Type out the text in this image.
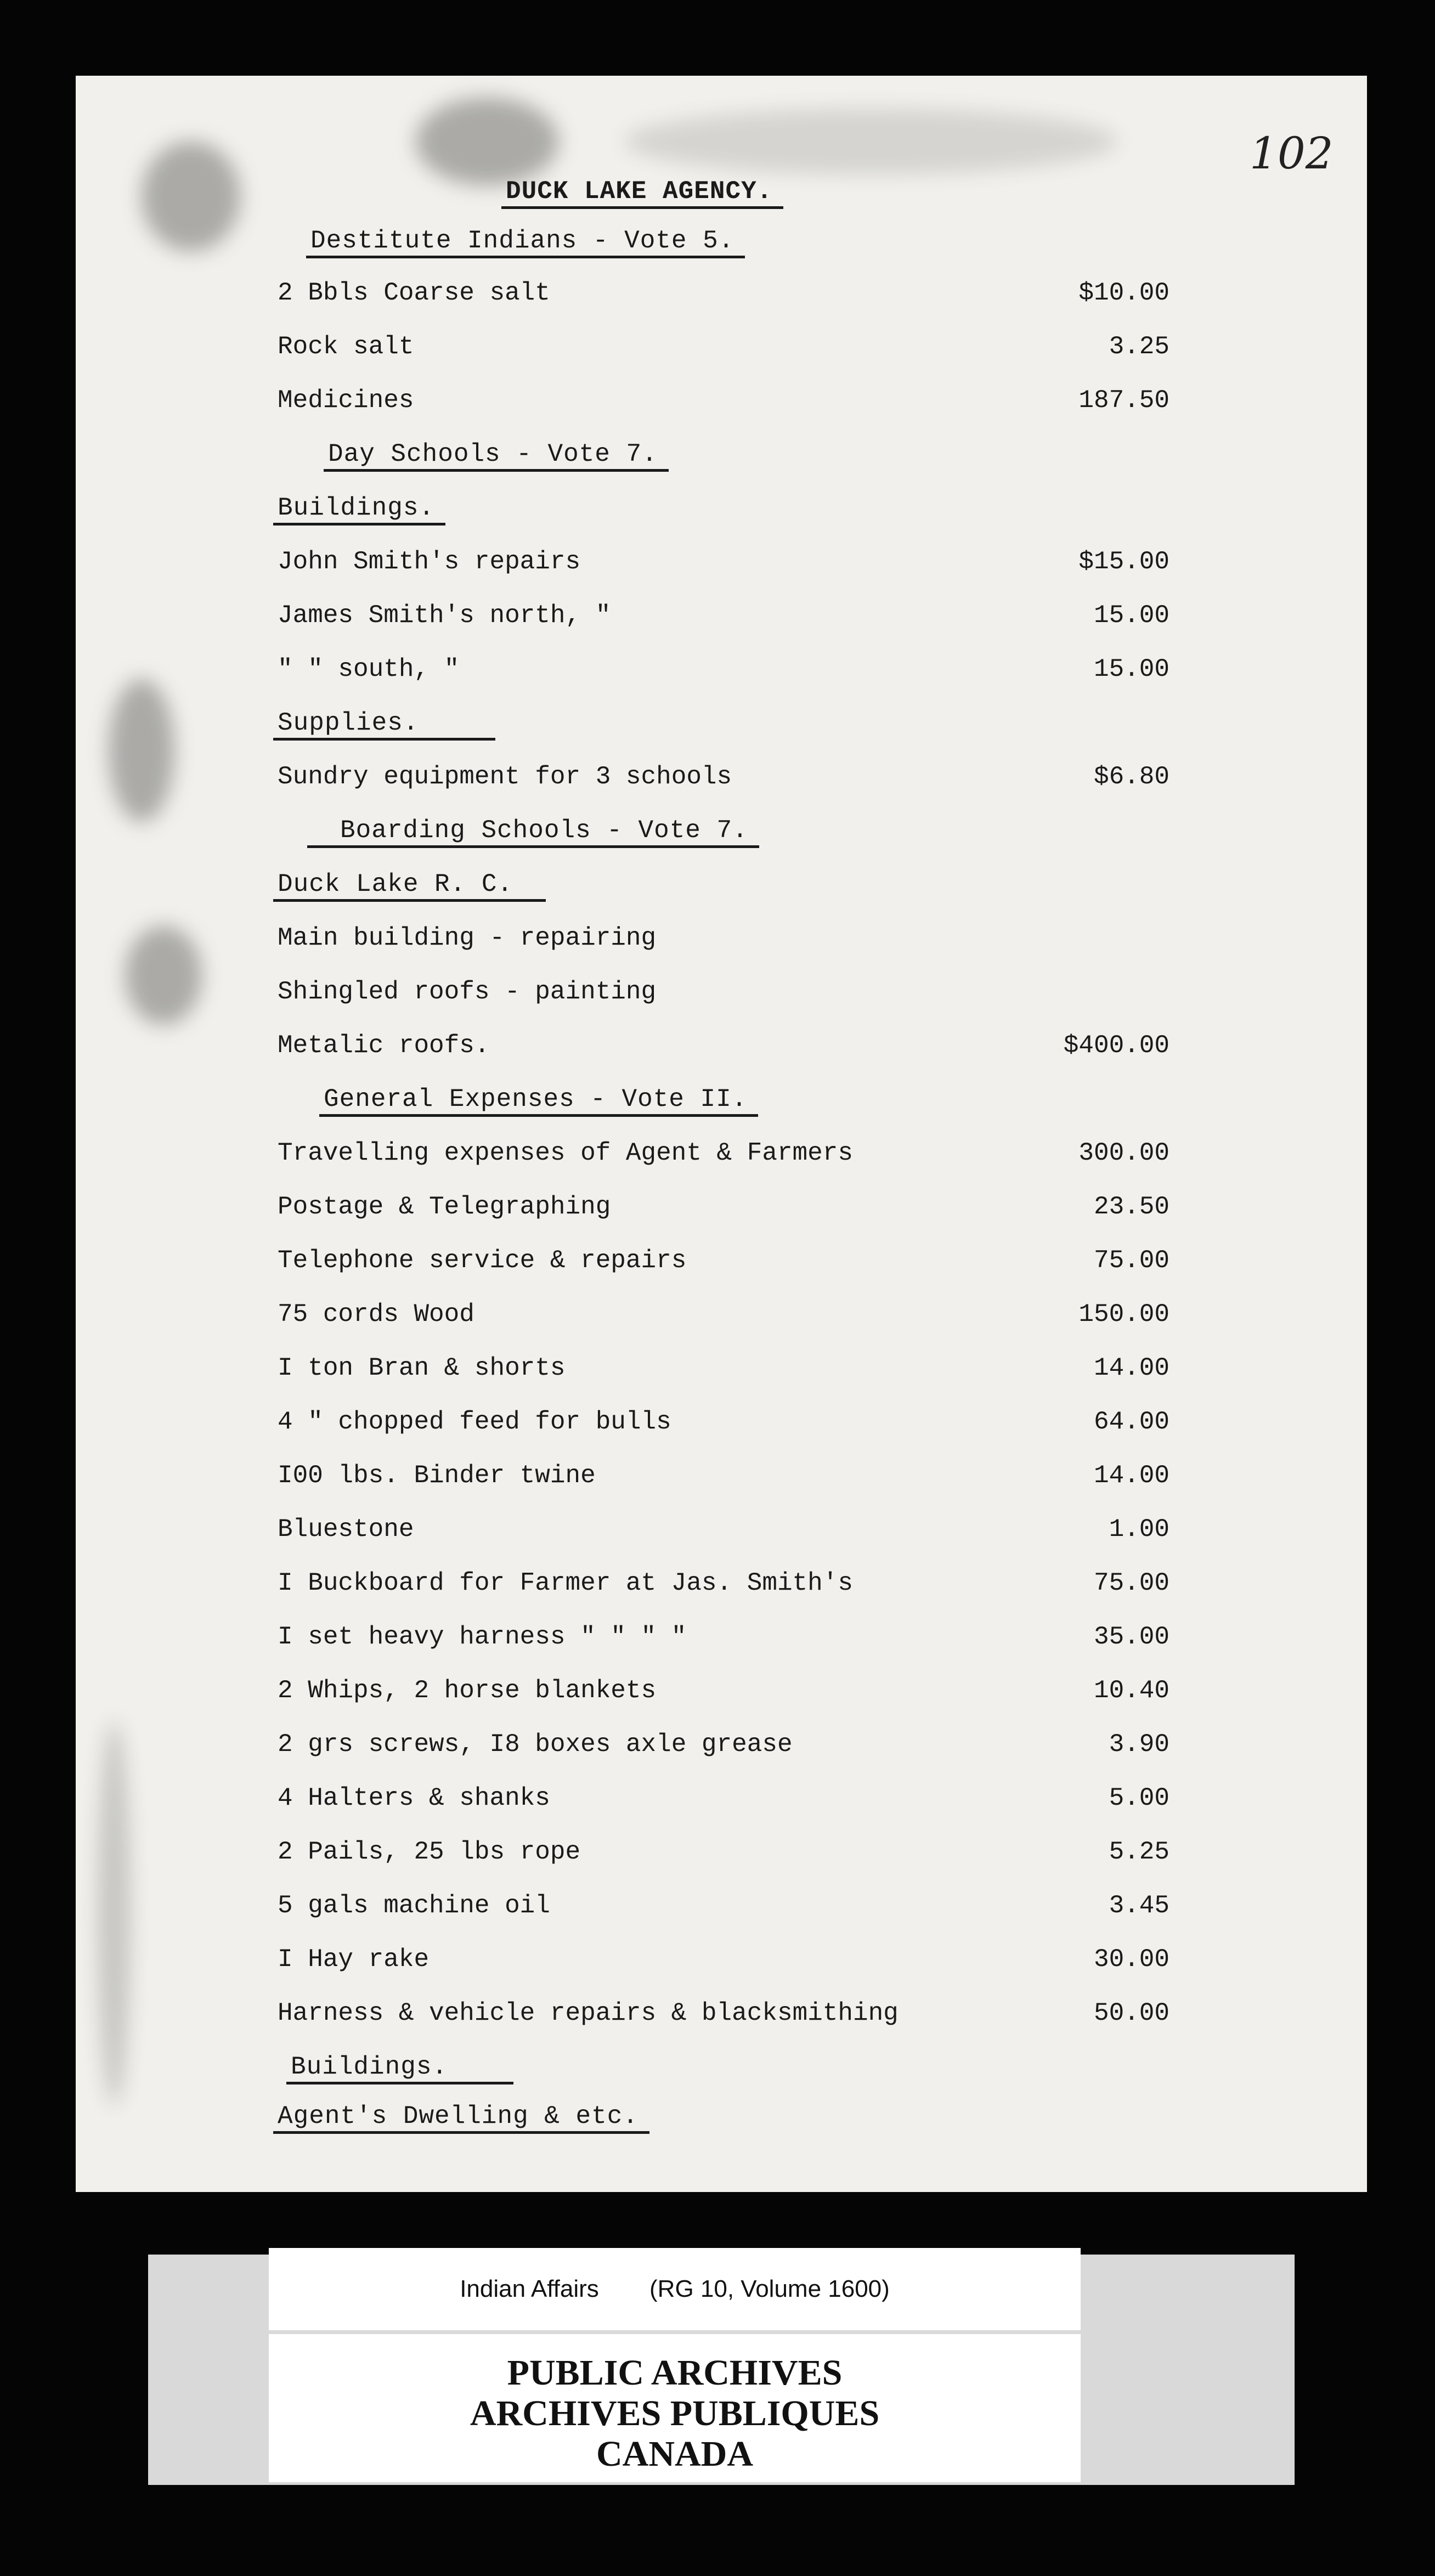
102
DUCK LAKE AGENCY.
Destitute Indians - Vote 5.
2 Bbls Coarse salt	$10.00
Rock salt	3.25
Medicines	187.50
Day Schools - Vote 7.
Buildings.
John Smith's repairs	$15.00
James Smith's north, "	15.00
" " south, "	15.00
Supplies.
Sundry equipment for 3 schools	$6.80
Boarding Schools - Vote 7.
Duck Lake R. C.
Main building - repairing
Shingled roofs - painting
Metalic roofs.	$400.00
General Expenses - Vote II.
Travelling expenses of Agent & Farmers	300.00
Postage & Telegraphing	23.50
Telephone service & repairs	75.00
75 cords Wood	150.00
I ton Bran & shorts	14.00
4 " chopped feed for bulls	64.00
I00 lbs. Binder twine	14.00
Bluestone	1.00
I Buckboard for Farmer at Jas. Smith's	75.00
I set heavy harness " " " "	35.00
2 Whips, 2 horse blankets	10.40
2 grs screws, I8 boxes axle grease	3.90
4 Halters & shanks	5.00
2 Pails, 25 lbs rope	5.25
5 gals machine oil	3.45
I Hay rake	30.00
Harness & vehicle repairs & blacksmithing	50.00
Buildings.
Agent's Dwelling & etc.
Indian Affairs (RG 10, Volume 1600)
PUBLIC ARCHIVES
ARCHIVES PUBLIQUES
CANADA
